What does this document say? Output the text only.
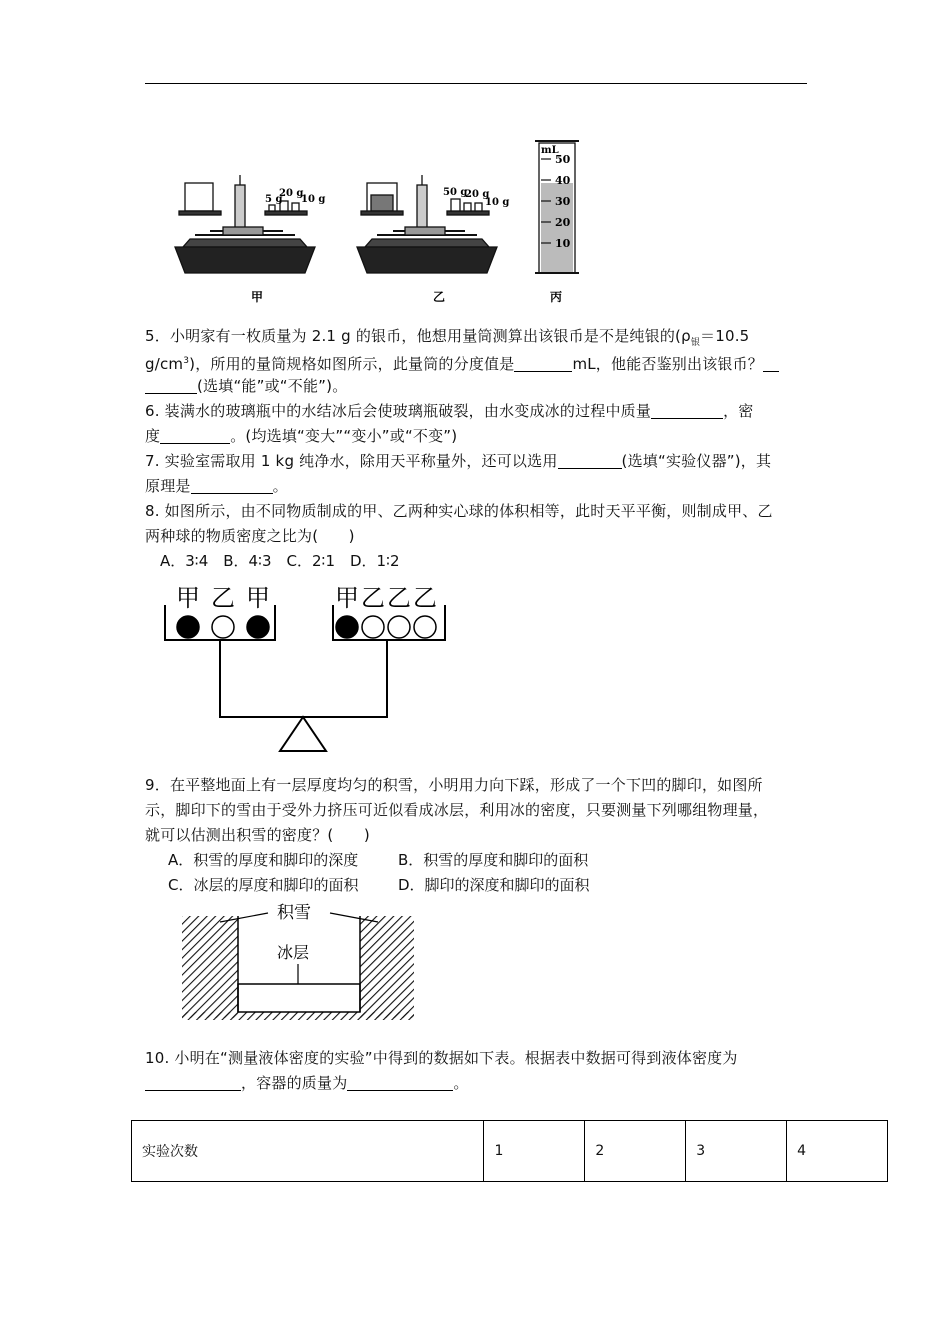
5 g
20 g
10 g
50 g
20 g
10 g
mL
50
40
30
20
10
甲	乙	丙
5．小明家有一枚质量为 2.1 g 的银币，他想用量筒测算出该银币是不是纯银的($\rho_银=10.5$
$g/cm^3$)，所用的量筒规格如图所示，此量筒的分度值是	mL，他能否鉴别出该银币？
(选填“能”或“不能”)。
6. 装满水的玻璃瓶中的水结冰后会使玻璃瓶破裂，由水变成冰的过程中质量	，密
度	。(均选填“变大”“变小”或“不变”)
7. 实验室需取用 1 kg 纯净水，除用天平称量外，还可以选用	(选填“实验仪器”)，其
原理是	。
8. 如图所示，由不同物质制成的甲、乙两种实心球的体积相等，此时天平平衡，则制成甲、乙
两种球的物质密度之比为(　　)
A．3∶4　B．4∶3　C．2∶1　D．1∶2
甲 乙 甲	甲 乙 乙 乙
9．在平整地面上有一层厚度均匀的积雪，小明用力向下踩，形成了一个下凹的脚印，如图所
示，脚印下的雪由于受外力挤压可近似看成冰层，利用冰的密度，只要测量下列哪组物理量，
就可以估测出积雪的密度？(　　)
A．积雪的厚度和脚印的深度	B．积雪的厚度和脚印的面积
C．冰层的厚度和脚印的面积	D．脚印的深度和脚印的面积
积雪
冰层
10. 小明在“测量液体密度的实验”中得到的数据如下表。根据表中数据可得到液体密度为
，容器的质量为	。
实验次数	1	2	3	4
